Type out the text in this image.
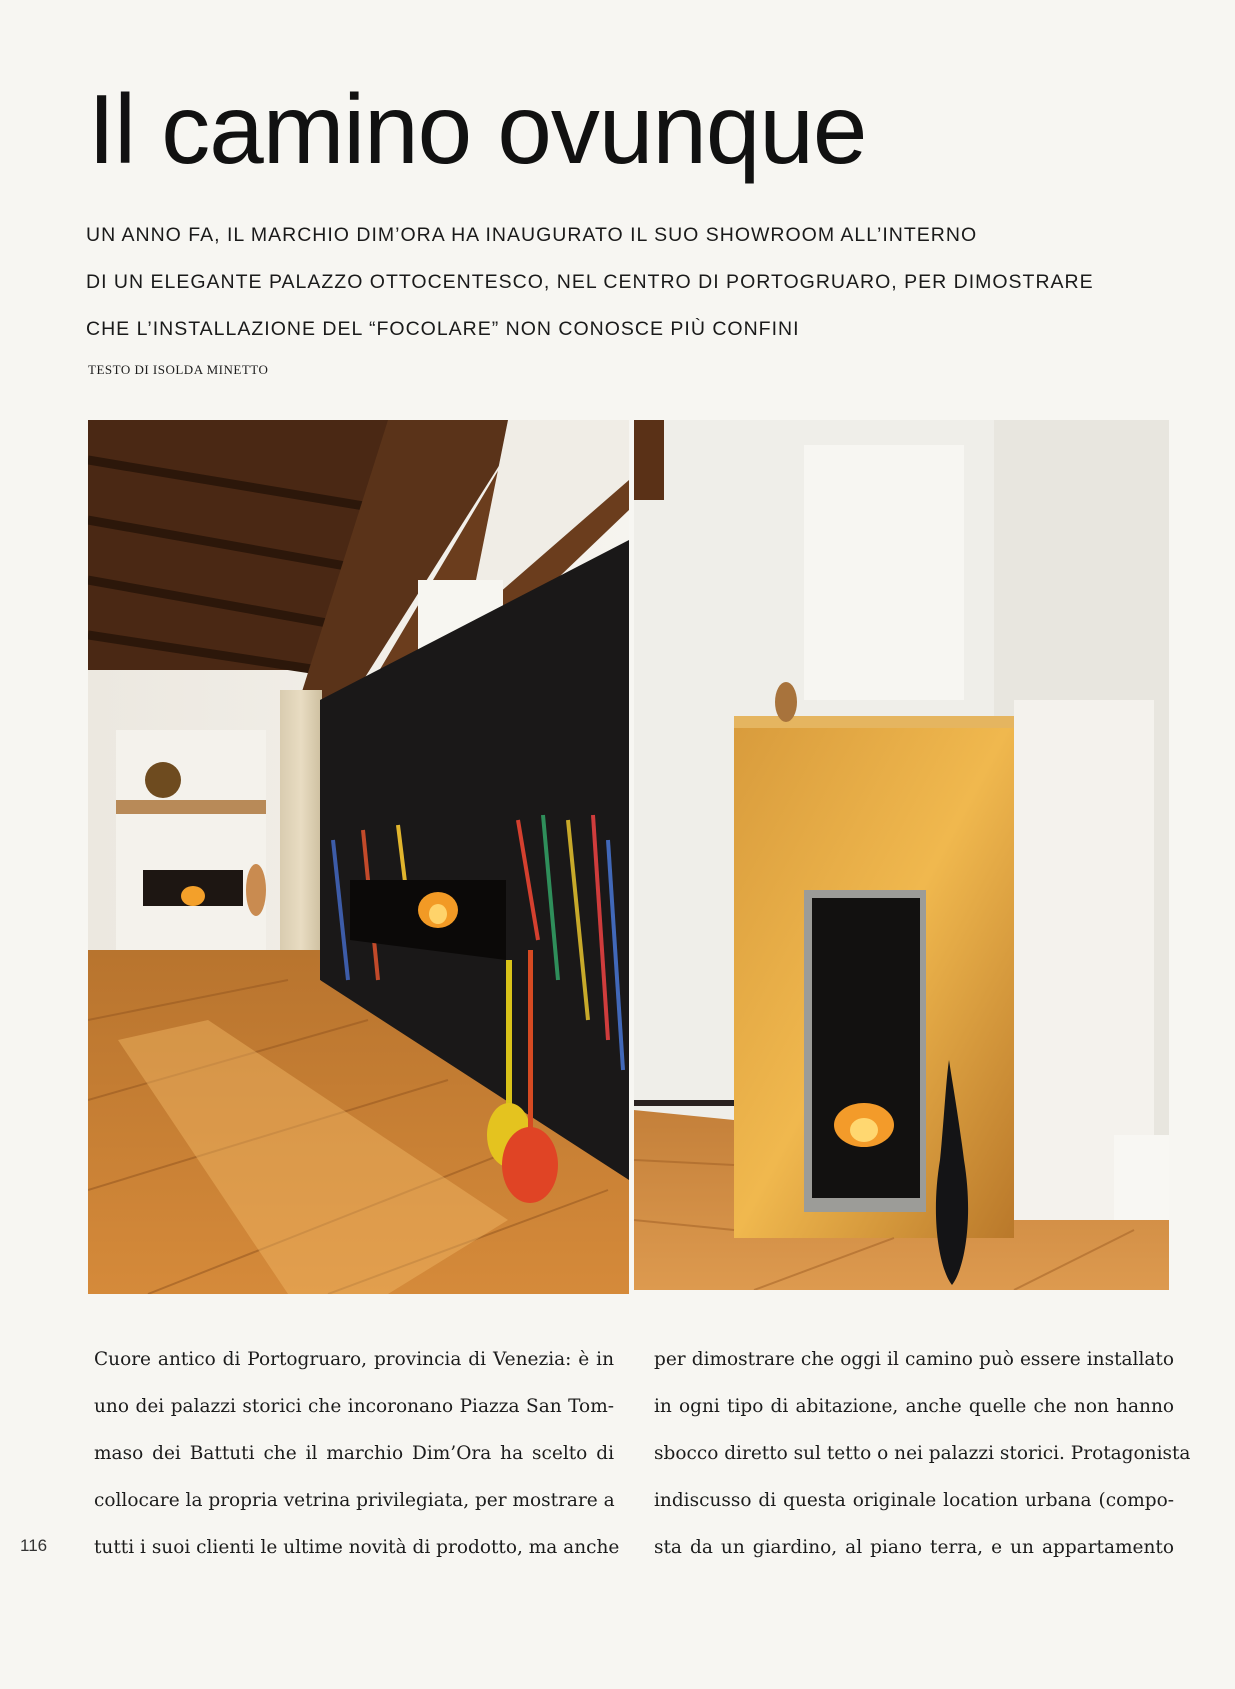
Il camino ovunque
UN ANNO FA, IL MARCHIO DIM’ORA HA INAUGURATO IL SUO SHOWROOM ALL’INTERNO
DI UN ELEGANTE PALAZZO OTTOCENTESCO, NEL CENTRO DI PORTOGRUARO, PER DIMOSTRARE
CHE L’INSTALLAZIONE DEL “FOCOLARE” NON CONOSCE PIÙ CONFINI
TESTO DI ISOLDA MINETTO
Cuore antico di Portogruaro, provincia di Venezia: è in
uno dei palazzi storici che incoronano Piazza San Tom-
maso dei Battuti che il marchio Dim’Ora ha scelto di
collocare la propria vetrina privilegiata, per mostrare a
tutti i suoi clienti le ultime novità di prodotto, ma anche
per dimostrare che oggi il camino può essere installato
in ogni tipo di abitazione, anche quelle che non hanno
sbocco diretto sul tetto o nei palazzi storici. Protagonista
indiscusso di questa originale location urbana (compo-
sta da un giardino, al piano terra, e un appartamento
116
